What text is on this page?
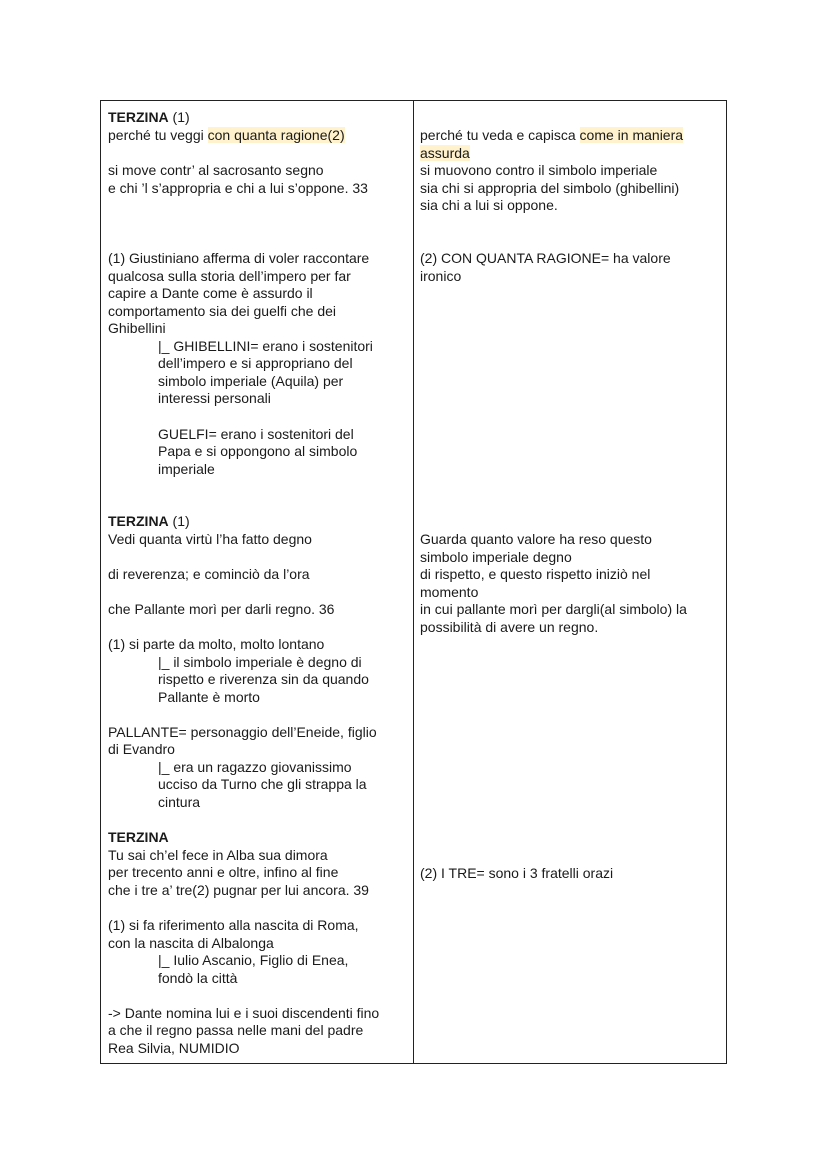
TERZINA (1)
perché tu veggi con quanta ragione(2)
si move contr’ al sacrosanto segno
e chi ’l s’appropria e chi a lui s’oppone. 33
(1) Giustiniano afferma di voler raccontare
qualcosa sulla storia dell’impero per far
capire a Dante come è assurdo il
comportamento sia dei guelfi che dei
Ghibellini
|_ GHIBELLINI= erano i sostenitori
dell’impero e si appropriano del
simbolo imperiale (Aquila) per
interessi personali
GUELFI= erano i sostenitori del
Papa e si oppongono al simbolo
imperiale
TERZINA (1)
Vedi quanta virtù l’ha fatto degno
di reverenza; e cominciò da l’ora
che Pallante morì per darli regno. 36
(1) si parte da molto, molto lontano
|_ il simbolo imperiale è degno di
rispetto e riverenza sin da quando
Pallante è morto
PALLANTE= personaggio dell’Eneide, figlio
di Evandro
|_ era un ragazzo giovanissimo
ucciso da Turno che gli strappa la
cintura
TERZINA
Tu sai ch’el fece in Alba sua dimora
per trecento anni e oltre, infino al fine
che i tre a’ tre(2) pugnar per lui ancora. 39
(1) si fa riferimento alla nascita di Roma,
con la nascita di Albalonga
|_ Iulio Ascanio, Figlio di Enea,
fondò la città
-> Dante nomina lui e i suoi discendenti fino
a che il regno passa nelle mani del padre
Rea Silvia, NUMIDIO
perché tu veda e capisca come in maniera
assurda
si muovono contro il simbolo imperiale
sia chi si appropria del simbolo (ghibellini)
sia chi a lui si oppone.
(2) CON QUANTA RAGIONE= ha valore
ironico
Guarda quanto valore ha reso questo
simbolo imperiale degno
di rispetto, e questo rispetto iniziò nel
momento
in cui pallante morì per dargli(al simbolo) la
possibilità di avere un regno.
(2) I TRE= sono i 3 fratelli orazi
